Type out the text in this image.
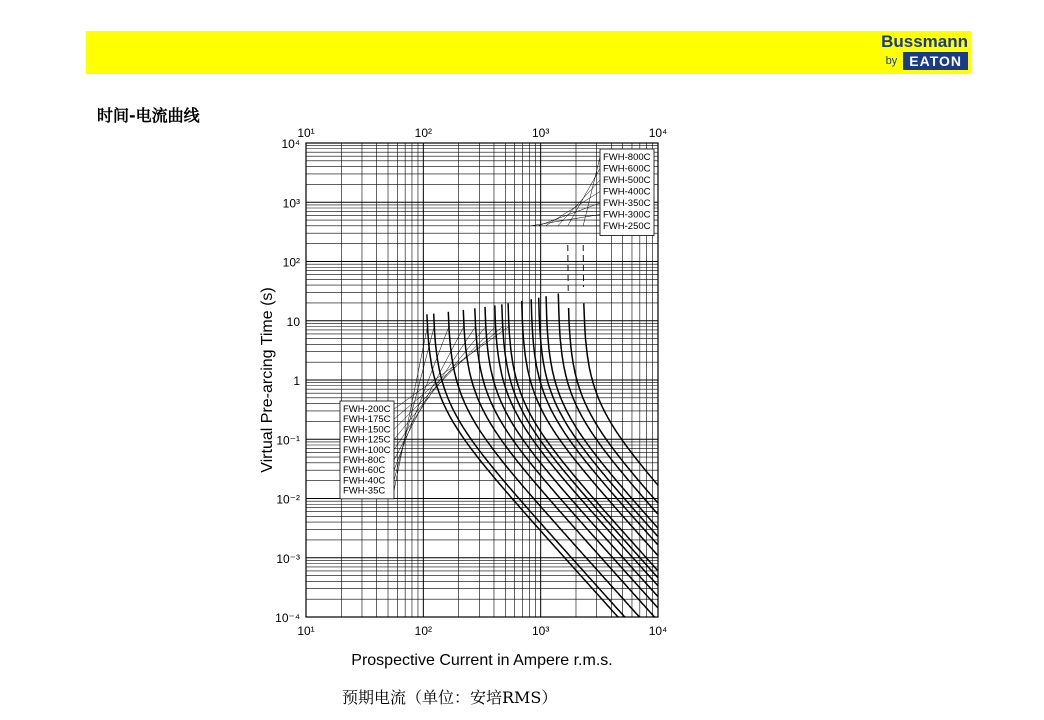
Bussmann
by EATON
时间-电流曲线
10¹
10¹
10²
10²
10³
10³
10⁴
10⁴
10⁴
10³
10²
10
1
10⁻¹
10⁻²
10⁻³
10⁻⁴
Prospective Current in Ampere r.m.s.
Virtual Pre-arcing Time (s)
FWH-800C
FWH-600C
FWH-500C
FWH-400C
FWH-350C
FWH-300C
FWH-250C
FWH-200C
FWH-175C
FWH-150C
FWH-125C
FWH-100C
FWH-80C
FWH-60C
FWH-40C
FWH-35C
预期电流（单位：安培RMS）
